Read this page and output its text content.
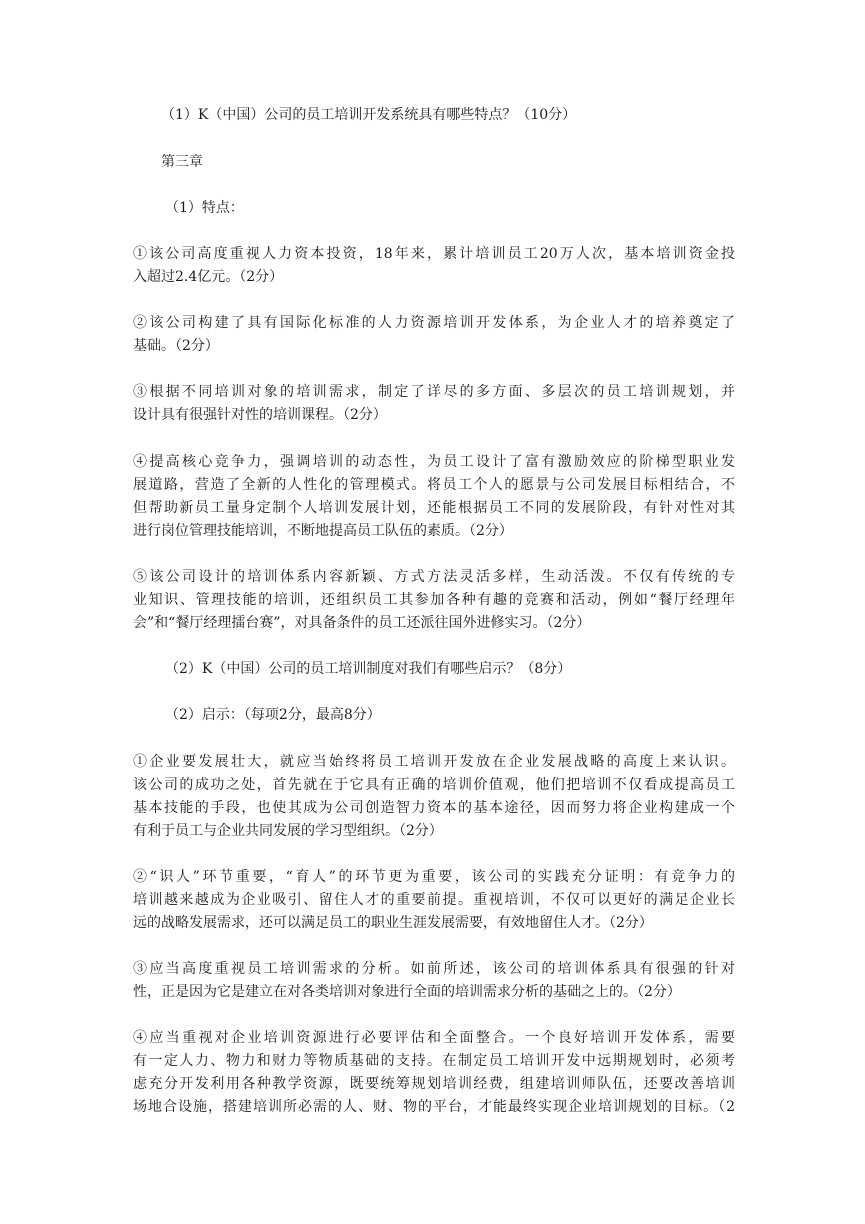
（1）K（中国）公司的员工培训开发系统具有哪些特点？（10分）
第三章
（1）特点：
①该公司高度重视人力资本投资，18年来，累计培训员工20万人次，基本培训资金投
入超过2.4亿元。（2分）
②该公司构建了具有国际化标准的人力资源培训开发体系，为企业人才的培养奠定了
基础。（2分）
③根据不同培训对象的培训需求，制定了详尽的多方面、多层次的员工培训规划，并
设计具有很强针对性的培训课程。（2分）
④提高核心竞争力，强调培训的动态性，为员工设计了富有激励效应的阶梯型职业发
展道路，营造了全新的人性化的管理模式。将员工个人的愿景与公司发展目标相结合，不
但帮助新员工量身定制个人培训发展计划，还能根据员工不同的发展阶段，有针对性对其
进行岗位管理技能培训，不断地提高员工队伍的素质。（2分）
⑤该公司设计的培训体系内容新颖、方式方法灵活多样，生动活泼。不仅有传统的专
业知识、管理技能的培训，还组织员工其参加各种有趣的竞赛和活动，例如“餐厅经理年
会”和“餐厅经理擂台赛”，对具备条件的员工还派往国外进修实习。（2分）
（2）K（中国）公司的员工培训制度对我们有哪些启示？（8分）
（2）启示：（每项2分，最高8分）
①企业要发展壮大，就应当始终将员工培训开发放在企业发展战略的高度上来认识。
该公司的成功之处，首先就在于它具有正确的培训价值观，他们把培训不仅看成提高员工
基本技能的手段，也使其成为公司创造智力资本的基本途径，因而努力将企业构建成一个
有利于员工与企业共同发展的学习型组织。（2分）
②“识人”环节重要，“育人”的环节更为重要，该公司的实践充分证明：有竞争力的
培训越来越成为企业吸引、留住人才的重要前提。重视培训，不仅可以更好的满足企业长
远的战略发展需求，还可以满足员工的职业生涯发展需要，有效地留住人才。（2分）
③应当高度重视员工培训需求的分析。如前所述，该公司的培训体系具有很强的针对
性，正是因为它是建立在对各类培训对象进行全面的培训需求分析的基础之上的。（2分）
④应当重视对企业培训资源进行必要评估和全面整合。一个良好培训开发体系，需要
有一定人力、物力和财力等物质基础的支持。在制定员工培训开发中远期规划时，必须考
虑充分开发利用各种教学资源，既要统筹规划培训经费，组建培训师队伍，还要改善培训
场地合设施，搭建培训所必需的人、财、物的平台，才能最终实现企业培训规划的目标。（2
